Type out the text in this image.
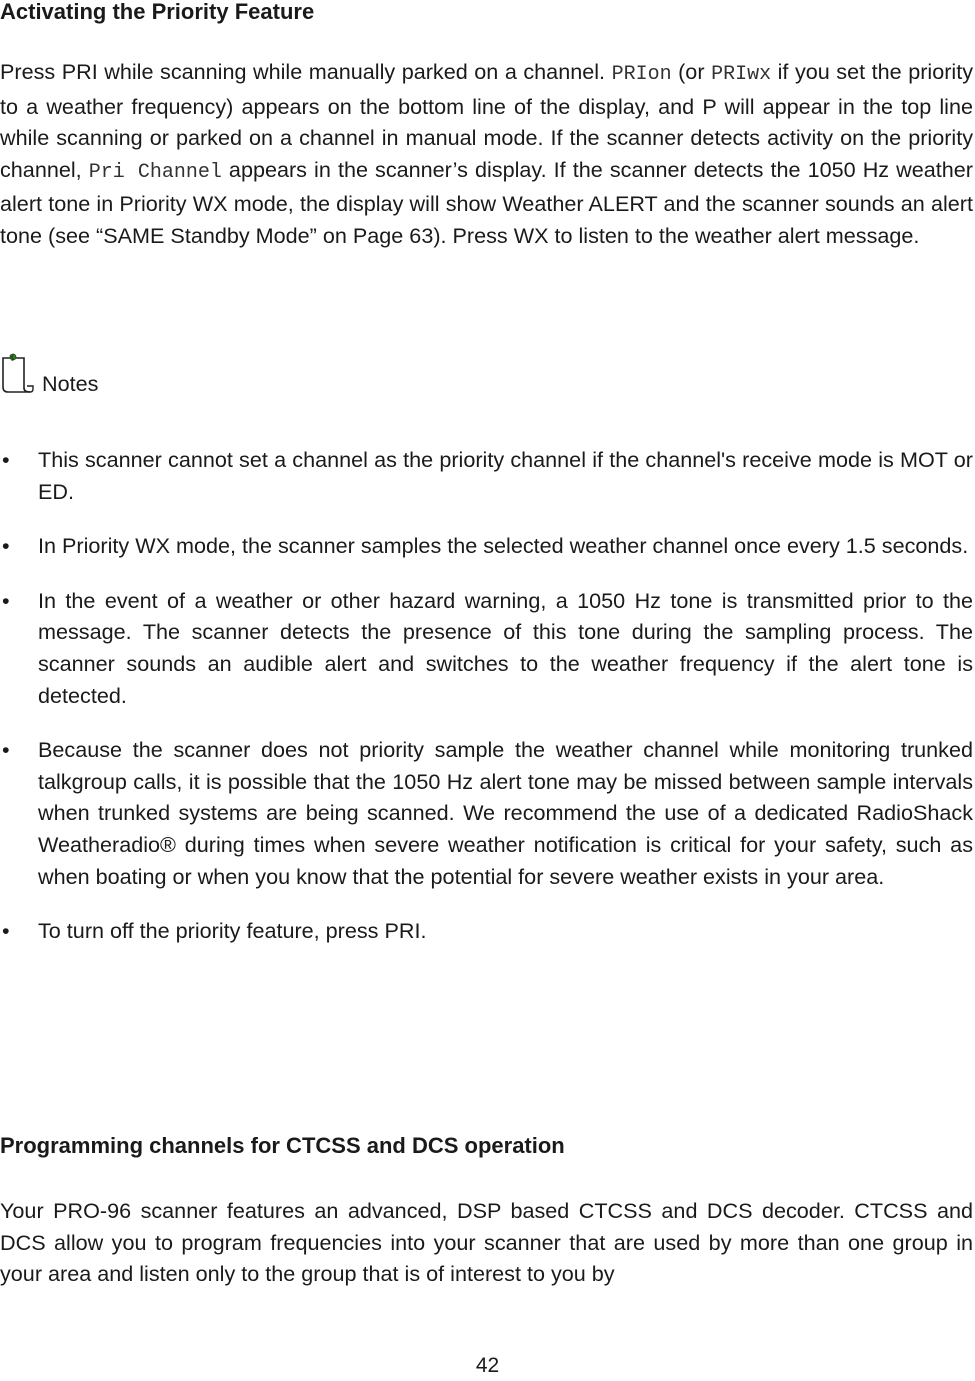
Activating the Priority Feature

Press PRI while scanning while manually parked on a channel. PRIon (or PRIwx if you set the priority to a weather frequency) appears on the bottom line of the display, and P will appear in the top line while scanning or parked on a channel in manual mode. If the scanner detects activity on the priority channel, Pri Channel appears in the scanner’s display. If the scanner detects the 1050 Hz weather alert tone in Priority WX mode, the display will show Weather ALERT and the scanner sounds an alert tone (see “SAME Standby Mode” on Page 63). Press WX to listen to the weather alert message.

Notes
• This scanner cannot set a channel as the priority channel if the channel's receive mode is MOT or ED.
• In Priority WX mode, the scanner samples the selected weather channel once every 1.5 seconds.
• In the event of a weather or other hazard warning, a 1050 Hz tone is transmitted prior to the message. The scanner detects the presence of this tone during the sampling process. The scanner sounds an audible alert and switches to the weather frequency if the alert tone is detected.
• Because the scanner does not priority sample the weather channel while monitoring trunked talkgroup calls, it is possible that the 1050 Hz alert tone may be missed between sample intervals when trunked systems are being scanned. We recommend the use of a dedicated RadioShack Weatheradio® during times when severe weather notification is critical for your safety, such as when boating or when you know that the potential for severe weather exists in your area.
• To turn off the priority feature, press PRI.
Programming channels for CTCSS and DCS operation

Your PRO-96 scanner features an advanced, DSP based CTCSS and DCS decoder. CTCSS and DCS allow you to program frequencies into your scanner that are used by more than one group in your area and listen only to the group that is of interest to you by

42
